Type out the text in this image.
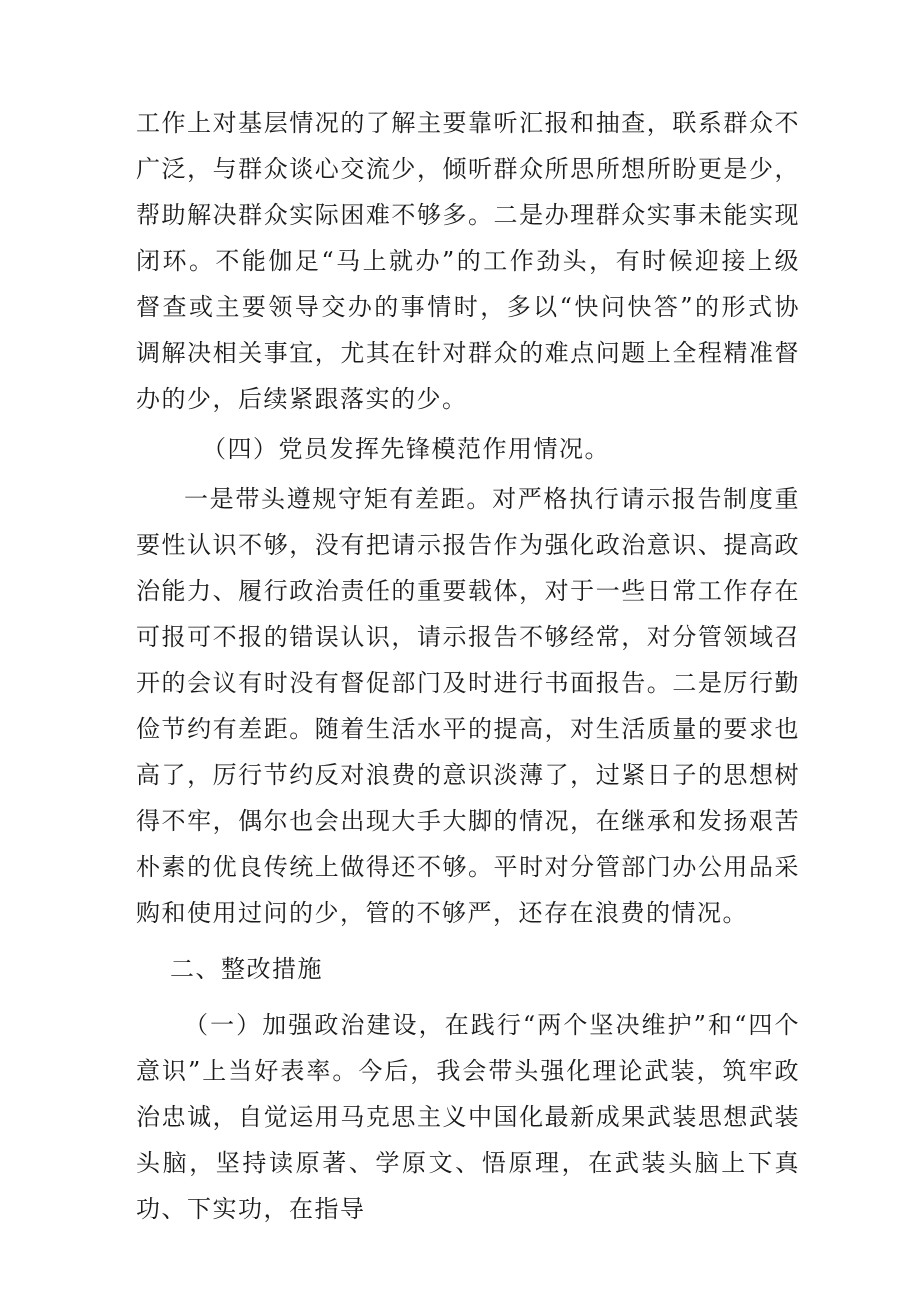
工作上对基层情况的了解主要靠听汇报和抽查，联系群众不广泛，与群众谈心交流少，倾听群众所思所想所盼更是少，帮助解决群众实际困难不够多。二是办理群众实事未能实现闭环。不能伽足“马上就办”的工作劲头，有时候迎接上级督查或主要领导交办的事情时，多以“快问快答”的形式协调解决相关事宜，尤其在针对群众的难点问题上全程精准督办的少，后续紧跟落实的少。

（四）党员发挥先锋模范作用情况。

一是带头遵规守矩有差距。对严格执行请示报告制度重要性认识不够，没有把请示报告作为强化政治意识、提高政治能力、履行政治责任的重要载体，对于一些日常工作存在可报可不报的错误认识，请示报告不够经常，对分管领域召开的会议有时没有督促部门及时进行书面报告。二是厉行勤俭节约有差距。随着生活水平的提高，对生活质量的要求也高了，厉行节约反对浪费的意识淡薄了，过紧日子的思想树得不牢，偶尔也会出现大手大脚的情况，在继承和发扬艰苦朴素的优良传统上做得还不够。平时对分管部门办公用品采购和使用过问的少，管的不够严，还存在浪费的情况。

二、整改措施

（一）加强政治建设，在践行“两个坚决维护”和“四个意识”上当好表率。今后，我会带头强化理论武装，筑牢政治忠诚，自觉运用马克思主义中国化最新成果武装思想武装头脑，坚持读原著、学原文、悟原理，在武装头脑上下真功、下实功，在指导
